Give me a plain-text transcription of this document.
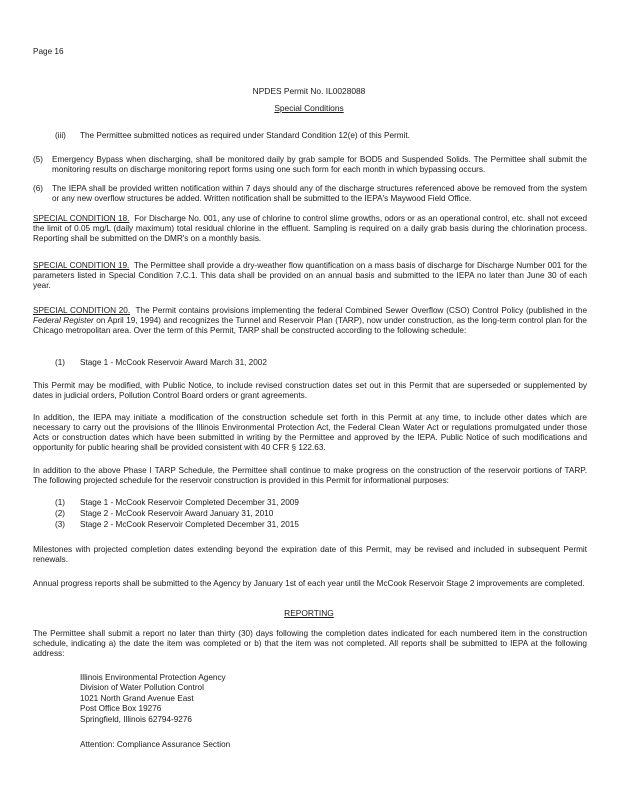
Page 16
NPDES Permit No. IL0028088
Special Conditions
(iii) The Permittee submitted notices as required under Standard Condition 12(e) of this Permit.
(5) Emergency Bypass when discharging, shall be monitored daily by grab sample for BOD5 and Suspended Solids. The Permittee shall submit the monitoring results on discharge monitoring report forms using one such form for each month in which bypassing occurs.
(6) The IEPA shall be provided written notification within 7 days should any of the discharge structures referenced above be removed from the system or any new overflow structures be added. Written notification shall be submitted to the IEPA's Maywood Field Office.
SPECIAL CONDITION 18. For Discharge No. 001, any use of chlorine to control slime growths, odors or as an operational control, etc. shall not exceed the limit of 0.05 mg/L (daily maximum) total residual chlorine in the effluent. Sampling is required on a daily grab basis during the chlorination process. Reporting shall be submitted on the DMR's on a monthly basis.
SPECIAL CONDITION 19. The Permittee shall provide a dry-weather flow quantification on a mass basis of discharge for Discharge Number 001 for the parameters listed in Special Condition 7.C.1. This data shall be provided on an annual basis and submitted to the IEPA no later than June 30 of each year.
SPECIAL CONDITION 20. The Permit contains provisions implementing the federal Combined Sewer Overflow (CSO) Control Policy (published in the Federal Register on April 19, 1994) and recognizes the Tunnel and Reservoir Plan (TARP), now under construction, as the long-term control plan for the Chicago metropolitan area. Over the term of this Permit, TARP shall be constructed according to the following schedule:
(1) Stage 1 - McCook Reservoir Award March 31, 2002
This Permit may be modified, with Public Notice, to include revised construction dates set out in this Permit that are superseded or supplemented by dates in judicial orders, Pollution Control Board orders or grant agreements.
In addition, the IEPA may initiate a modification of the construction schedule set forth in this Permit at any time, to include other dates which are necessary to carry out the provisions of the Illinois Environmental Protection Act, the Federal Clean Water Act or regulations promulgated under those Acts or construction dates which have been submitted in writing by the Permittee and approved by the IEPA. Public Notice of such modifications and opportunity for public hearing shall be provided consistent with 40 CFR § 122.63.
In addition to the above Phase I TARP Schedule, the Permittee shall continue to make progress on the construction of the reservoir portions of TARP. The following projected schedule for the reservoir construction is provided in this Permit for informational purposes:
(1) Stage 1 - McCook Reservoir Completed December 31, 2009
(2) Stage 2 - McCook Reservoir Award January 31, 2010
(3) Stage 2 - McCook Reservoir Completed December 31, 2015
Milestones with projected completion dates extending beyond the expiration date of this Permit, may be revised and included in subsequent Permit renewals.
Annual progress reports shall be submitted to the Agency by January 1st of each year until the McCook Reservoir Stage 2 improvements are completed.
REPORTING
The Permittee shall submit a report no later than thirty (30) days following the completion dates indicated for each numbered item in the construction schedule, indicating a) the date the item was completed or b) that the item was not completed. All reports shall be submitted to IEPA at the following address:
Illinois Environmental Protection Agency
Division of Water Pollution Control
1021 North Grand Avenue East
Post Office Box 19276
Springfield, Illinois 62794-9276
Attention: Compliance Assurance Section
